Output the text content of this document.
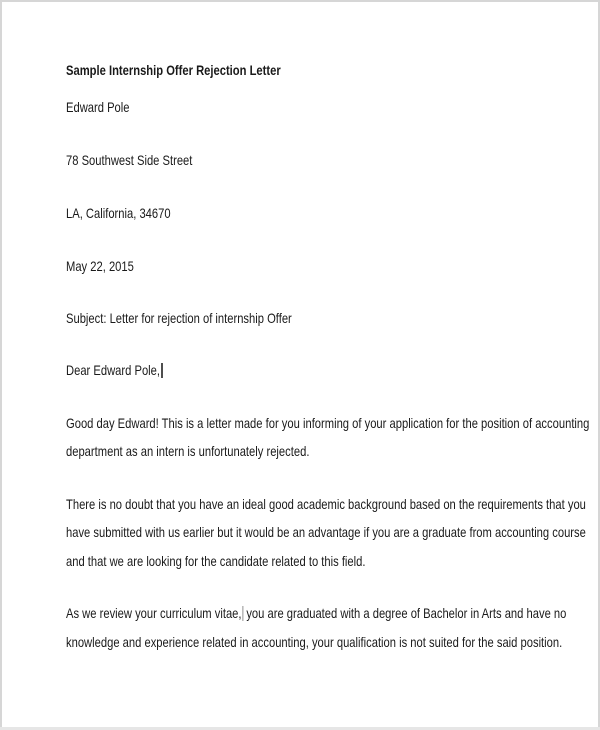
Sample Internship Offer Rejection Letter
Edward Pole
78 Southwest Side Street
LA, California, 34670
May 22, 2015
Subject: Letter for rejection of internship Offer
Dear Edward Pole,
Good day Edward! This is a letter made for you informing of your application for the position of accounting
department as an intern is unfortunately rejected.
There is no doubt that you have an ideal good academic background based on the requirements that you
have submitted with us earlier but it would be an advantage if you are a graduate from accounting course
and that we are looking for the candidate related to this field.
As we review your curriculum vitae, you are graduated with a degree of Bachelor in Arts and have no
knowledge and experience related in accounting, your qualification is not suited for the said position.
